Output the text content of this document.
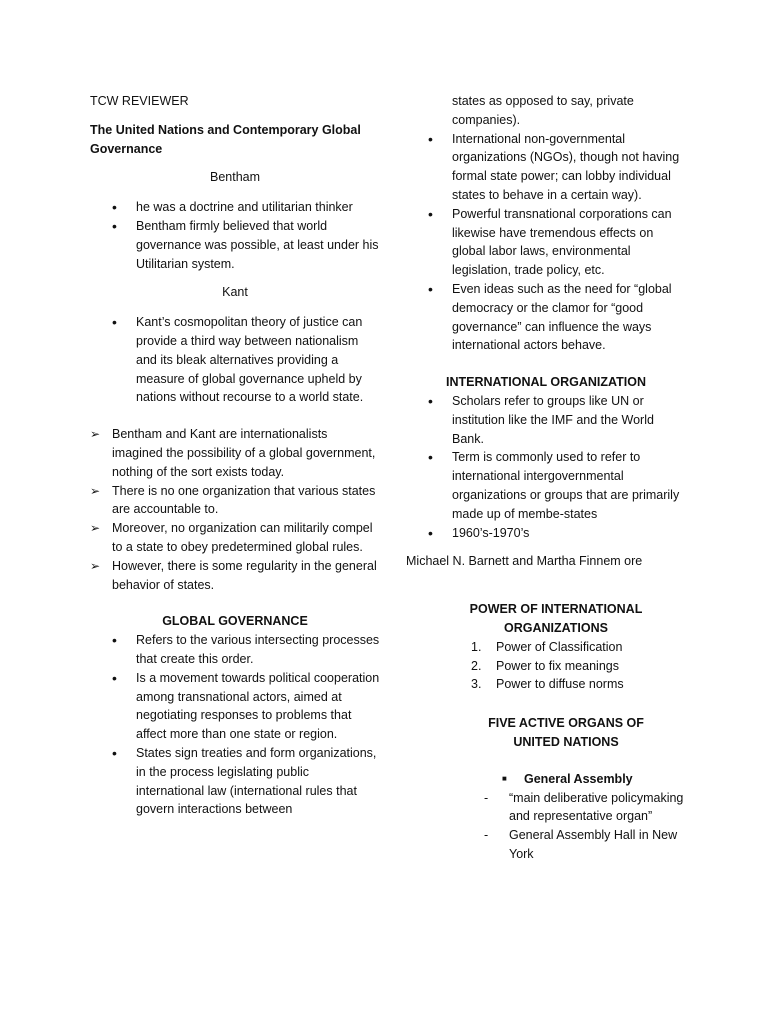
TCW REVIEWER

The United Nations and Contemporary Global Governance

Bentham

• he was a doctrine and utilitarian thinker
• Bentham firmly believed that world governance was possible, at least under his Utilitarian system.

Kant

• Kant’s cosmopolitan theory of justice can provide a third way between nationalism and its bleak alternatives providing a measure of global governance upheld by nations without recourse to a world state.
➢ Bentham and Kant are internationalists imagined the possibility of a global government, nothing of the sort exists today.
➢ There is no one organization that various states are accountable to.
➢ Moreover, no organization can militarily compel to a state to obey predetermined global rules.
➢ However, there is some regularity in the general behavior of states.

GLOBAL GOVERNANCE

• Refers to the various intersecting processes that create this order.
• Is a movement towards political cooperation among transnational actors, aimed at negotiating responses to problems that affect more than one state or region.
• States sign treaties and form organizations, in the process legislating public international law (international rules that govern interactions between

states as opposed to say, private companies).

• International non-governmental organizations (NGOs), though not having formal state power; can lobby individual states to behave in a certain way).
• Powerful transnational corporations can likewise have tremendous effects on global labor laws, environmental legislation, trade policy, etc.
• Even ideas such as the need for “global democracy or the clamor for “good governance” can influence the ways international actors behave.

INTERNATIONAL ORGANIZATION

• Scholars refer to groups like UN or institution like the IMF and the World Bank.
• Term is commonly used to refer to international intergovernmental organizations or groups that are primarily made up of membe-states
• 1960’s-1970’s

Michael N. Barnett and Martha Finnem ore

POWER OF INTERNATIONAL ORGANIZATIONS

1. Power of Classification
2. Power to fix meanings
3. Power to diffuse norms

FIVE ACTIVE ORGANS OF UNITED NATIONS

■ General Assembly
- “main deliberative policymaking and representative organ”
- General Assembly Hall in New York
